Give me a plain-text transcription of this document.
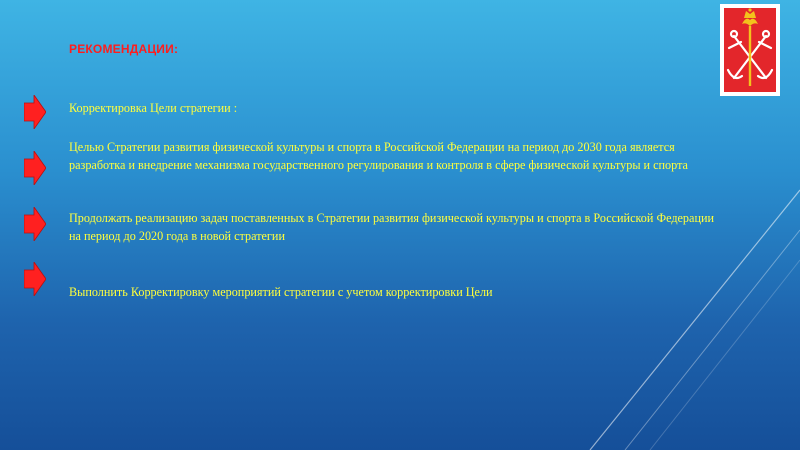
РЕКОМЕНДАЦИИ:

Корректировка Цели стратегии :

Целью Стратегии развития физической культуры и спорта в Российской Федерации на период до 2030 года является разработка и внедрение механизма государственного регулирования и контроля в сфере физической культуры и спорта

Продолжать реализацию задач поставленных в Стратегии развития физической культуры и спорта в Российской Федерации на период до 2020 года в новой стратегии

Выполнить Корректировку мероприятий стратегии с учетом корректировки Цели
